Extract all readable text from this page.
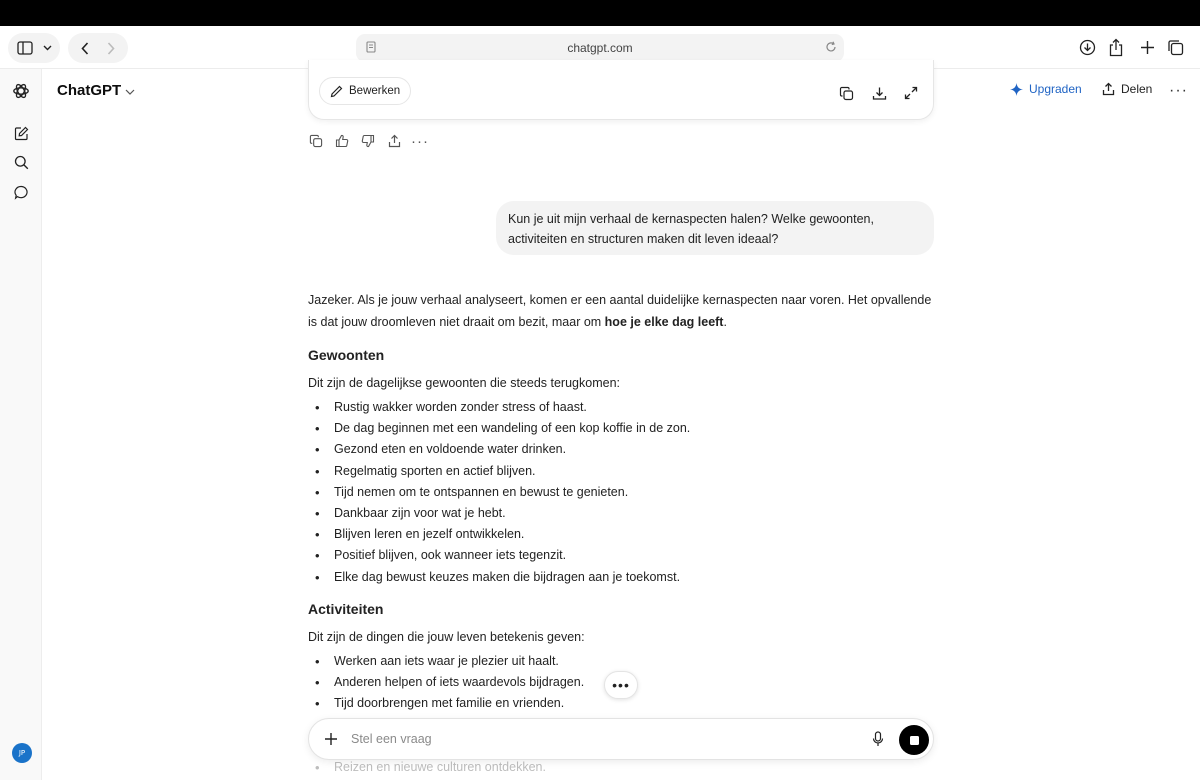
chatgpt.com
JP
ChatGPT	Upgraden	Delen ···
Bewerken
···
Kun je uit mijn verhaal de kernaspecten halen? Welke gewoonten, activiteiten en structuren maken dit leven ideaal?

Jazeker. Als je jouw verhaal analyseert, komen er een aantal duidelijke kernaspecten naar voren. Het opvallende is dat jouw droomleven niet draait om bezit, maar om hoe je elke dag leeft.

Gewoonten

Dit zijn de dagelijkse gewoonten die steeds terugkomen:

• Rustig wakker worden zonder stress of haast.
• De dag beginnen met een wandeling of een kop koffie in de zon.
• Gezond eten en voldoende water drinken.
• Regelmatig sporten en actief blijven.
• Tijd nemen om te ontspannen en bewust te genieten.
• Dankbaar zijn voor wat je hebt.
• Blijven leren en jezelf ontwikkelen.
• Positief blijven, ook wanneer iets tegenzit.
• Elke dag bewust keuzes maken die bijdragen aan je toekomst.
Activiteiten

Dit zijn de dingen die jouw leven betekenis geven:

• Werken aan iets waar je plezier uit haalt.
• Anderen helpen of iets waardevols bijdragen.
• Tijd doorbrengen met familie en vrienden.
• Reizen en nieuwe culturen ontdekken.
•••
Stel een vraag
